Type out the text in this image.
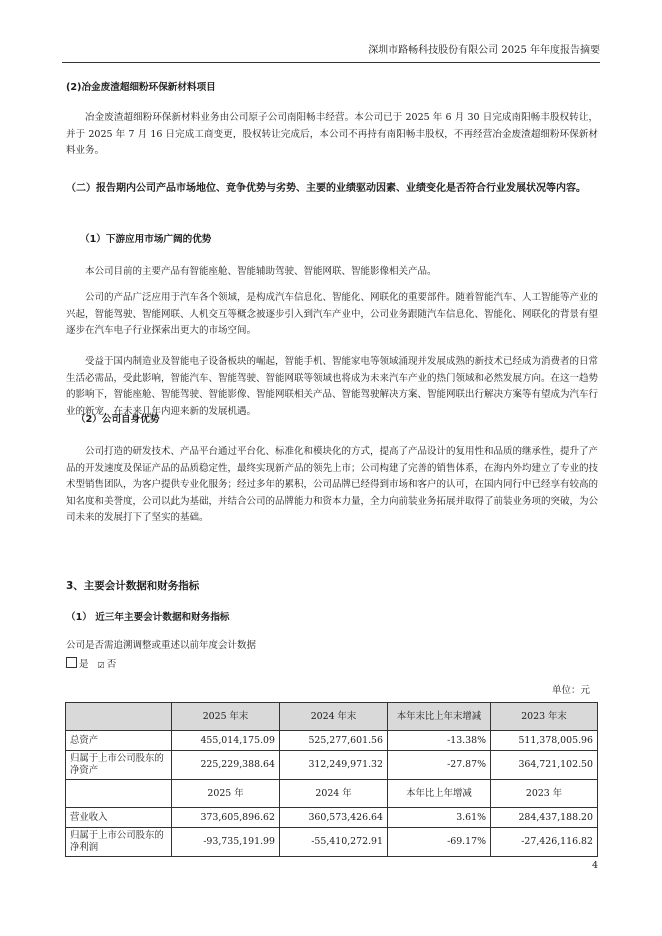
深圳市路畅科技股份有限公司 2025 年年度报告摘要
(2)冶金废渣超细粉环保新材料项目
冶金废渣超细粉环保新材料业务由公司原子公司南阳畅丰经营。本公司已于 2025 年 6 月 30 日完成南阳畅丰股权转让，并于 2025 年 7 月 16 日完成工商变更，股权转让完成后，本公司不再持有南阳畅丰股权，不再经营冶金废渣超细粉环保新材料业务。
（二）报告期内公司产品市场地位、竞争优势与劣势、主要的业绩驱动因素、业绩变化是否符合行业发展状况等内容。
（1）下游应用市场广阔的优势
本公司目前的主要产品有智能座舱、智能辅助驾驶、智能网联、智能影像相关产品。
公司的产品广泛应用于汽车各个领域，是构成汽车信息化、智能化、网联化的重要部件。随着智能汽车、人工智能等产业的兴起，智能驾驶、智能网联、人机交互等概念被逐步引入到汽车产业中，公司业务跟随汽车信息化、智能化、网联化的背景有望逐步在汽车电子行业探索出更大的市场空间。
受益于国内制造业及智能电子设备板块的崛起，智能手机、智能家电等领域涌现并发展成熟的新技术已经成为消费者的日常生活必需品，受此影响，智能汽车、智能驾驶、智能网联等领域也将成为未来汽车产业的热门领域和必然发展方向。在这一趋势的影响下，智能座舱、智能驾驶、智能影像、智能网联相关产品、智能驾驶解决方案、智能网联出行解决方案等有望成为汽车行业的新宠，在未来几年内迎来新的发展机遇。
（2）公司自身优势
公司打造的研发技术、产品平台通过平台化、标准化和模块化的方式，提高了产品设计的复用性和品质的继承性，提升了产品的开发速度及保证产品的品质稳定性，最终实现新产品的领先上市；公司构建了完善的销售体系，在海内外均建立了专业的技术型销售团队，为客户提供专业化服务；经过多年的累积，公司品牌已经得到市场和客户的认可，在国内同行中已经享有较高的知名度和美誉度，公司以此为基础，并结合公司的品牌能力和资本力量，全力向前装业务拓展并取得了前装业务项的突破，为公司未来的发展打下了坚实的基础。
3、主要会计数据和财务指标
（1） 近三年主要会计数据和财务指标
公司是否需追溯调整或重述以前年度会计数据
是 ☑ 否
单位：元
	2025 年末	2024 年末	本年末比上年末增减	2023 年末
总资产	455,014,175.09	525,277,601.56	-13.38%	511,378,005.96
归属于上市公司股东的净资产	225,229,388.64	312,249,971.32	-27.87%	364,721,102.50
	2025 年	2024 年	本年比上年增减	2023 年
营业收入	373,605,896.62	360,573,426.64	3.61%	284,437,188.20
归属于上市公司股东的净利润	-93,735,191.99	-55,410,272.91	-69.17%	-27,426,116.82
4
